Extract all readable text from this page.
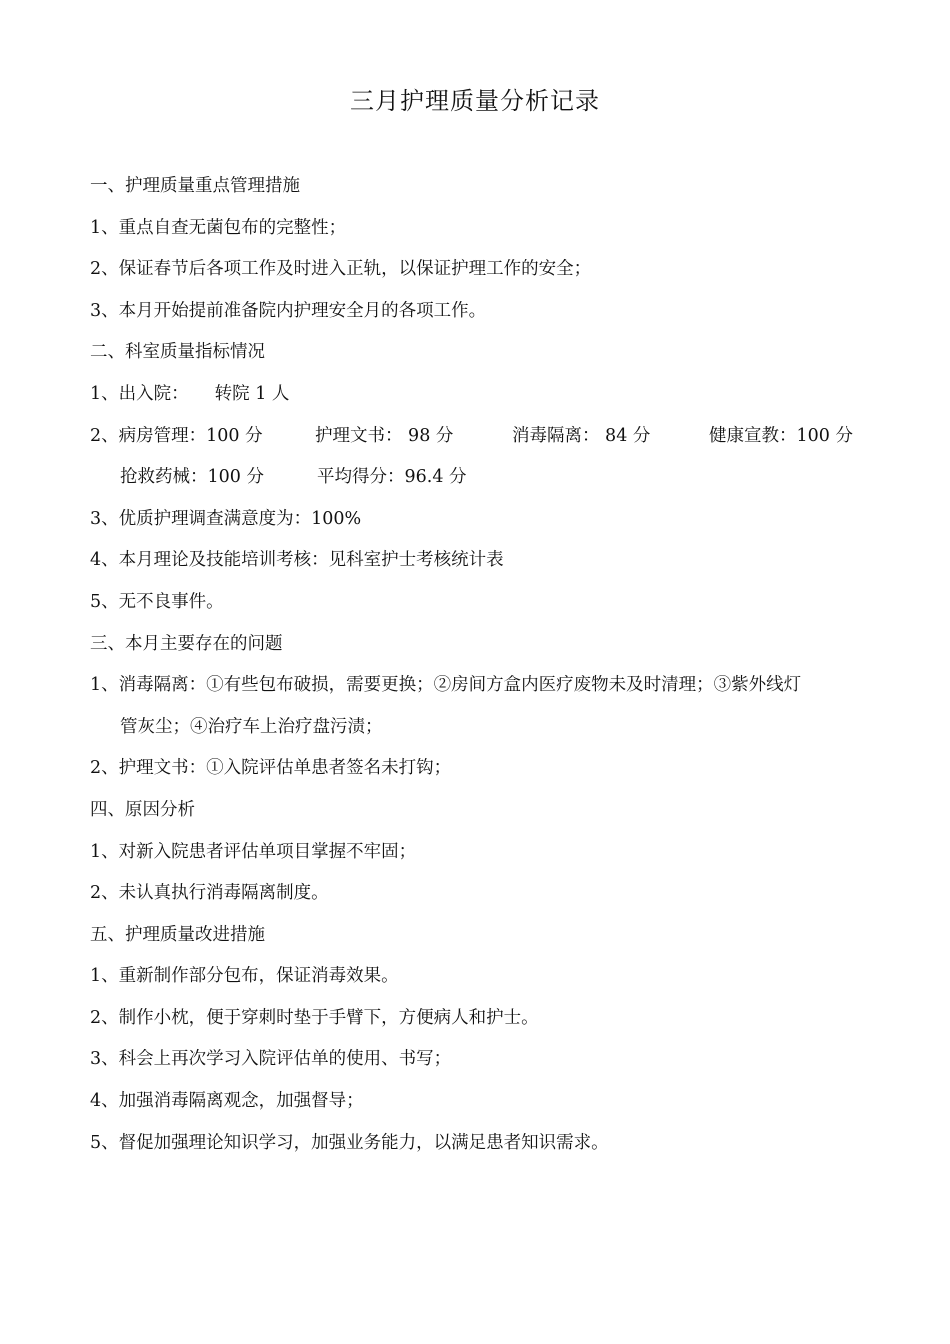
三月护理质量分析记录
一、护理质量重点管理措施
1、重点自查无菌包布的完整性；
2、保证春节后各项工作及时进入正轨，以保证护理工作的安全；
3、本月开始提前准备院内护理安全月的各项工作。
二、科室质量指标情况
1、出入院： 转院 1 人
2、病房管理：100 分	护理文书： 98 分	消毒隔离： 84 分	健康宣教：100 分
抢救药械：100 分	平均得分：96.4 分
3、优质护理调查满意度为：100%
4、本月理论及技能培训考核：见科室护士考核统计表
5、无不良事件。
三、本月主要存在的问题
1、消毒隔离：①有些包布破损，需要更换；②房间方盒内医疗废物未及时清理；③紫外线灯
管灰尘；④治疗车上治疗盘污渍；
2、护理文书：①入院评估单患者签名未打钩；
四、原因分析
1、对新入院患者评估单项目掌握不牢固；
2、未认真执行消毒隔离制度。
五、护理质量改进措施
1、重新制作部分包布，保证消毒效果。
2、制作小枕，便于穿刺时垫于手臂下，方便病人和护士。
3、科会上再次学习入院评估单的使用、书写；
4、加强消毒隔离观念，加强督导；
5、督促加强理论知识学习，加强业务能力，以满足患者知识需求。
